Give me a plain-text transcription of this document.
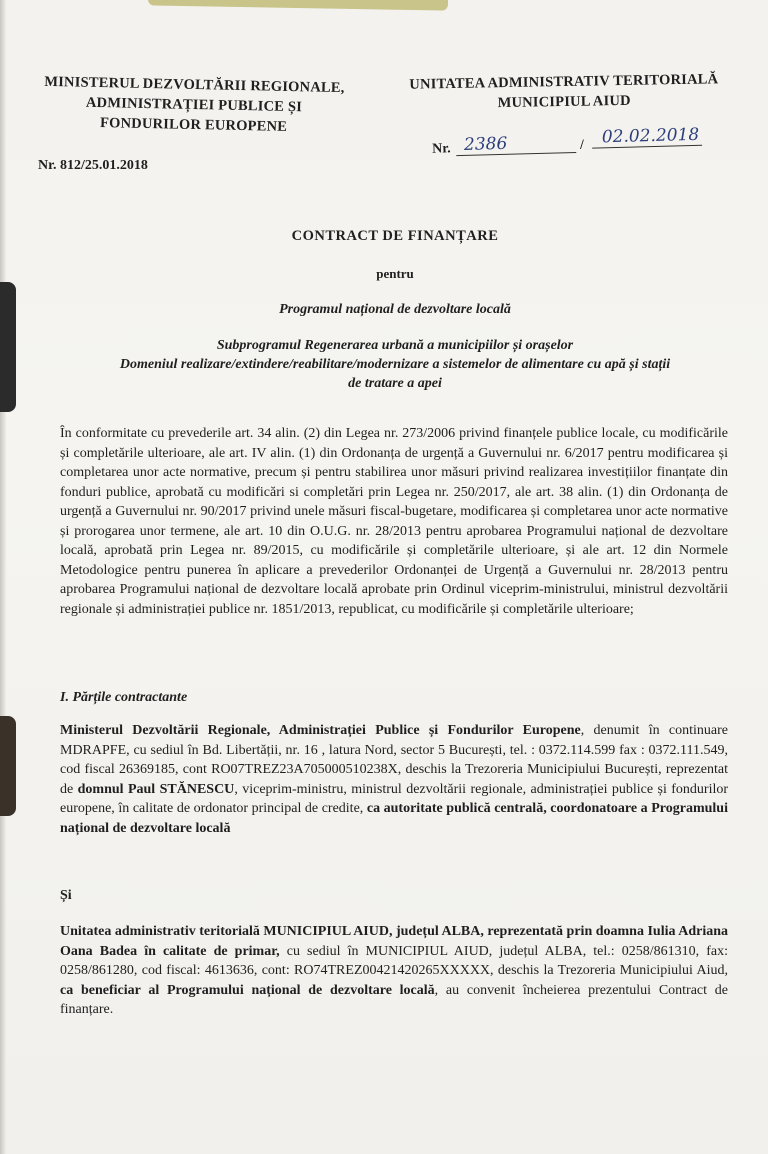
MINISTERUL DEZVOLTĂRII REGIONALE,
ADMINISTRAȚIEI PUBLICE ȘI
FONDURILOR EUROPENE
Nr. 812/25.01.2018
UNITATEA ADMINISTRATIV TERITORIALĂ
MUNICIPIUL AIUD
Nr. 2386	/ 02.02.2018
CONTRACT DE FINANȚARE
pentru
Programul național de dezvoltare locală
Subprogramul Regenerarea urbană a municipiilor și orașelor
Domeniul realizare/extindere/reabilitare/modernizare a sistemelor de alimentare cu apă și stații
de tratare a apei
În conformitate cu prevederile art. 34 alin. (2) din Legea nr. 273/2006 privind finanțele publice locale, cu modificările și completările ulterioare, ale art. IV alin. (1) din Ordonanța de urgență a Guvernului nr. 6/2017 pentru modificarea și completarea unor acte normative, precum și pentru stabilirea unor măsuri privind realizarea investițiilor finanțate din fonduri publice, aprobată cu modificări si completări prin Legea nr. 250/2017, ale art. 38 alin. (1) din Ordonanța de urgență a Guvernului nr. 90/2017 privind unele măsuri fiscal-bugetare, modificarea și completarea unor acte normative și prorogarea unor termene, ale art. 10 din O.U.G. nr. 28/2013 pentru aprobarea Programului național de dezvoltare locală, aprobată prin Legea nr. 89/2015, cu modificările și completările ulterioare, și ale art. 12 din Normele Metodologice pentru punerea în aplicare a prevederilor Ordonanței de Urgență a Guvernului nr. 28/2013 pentru aprobarea Programului național de dezvoltare locală aprobate prin Ordinul viceprim-ministrului, ministrul dezvoltării regionale și administrației publice nr. 1851/2013, republicat, cu modificările și completările ulterioare;
I. Părțile contractante
Ministerul Dezvoltării Regionale, Administrației Publice și Fondurilor Europene, denumit în continuare MDRAPFE, cu sediul în Bd. Libertății, nr. 16 , latura Nord, sector 5 București, tel. : 0372.114.599 fax : 0372.111.549, cod fiscal 26369185, cont RO07TREZ23A705000510238X, deschis la Trezoreria Municipiului București, reprezentat de domnul Paul STĂNESCU, viceprim-ministru, ministrul dezvoltării regionale, administrației publice și fondurilor europene, în calitate de ordonator principal de credite, ca autoritate publică centrală, coordonatoare a Programului național de dezvoltare locală
Și
Unitatea administrativ teritorială MUNICIPIUL AIUD, județul ALBA, reprezentată prin doamna Iulia Adriana Oana Badea în calitate de primar, cu sediul în MUNICIPIUL AIUD, județul ALBA, tel.: 0258/861310, fax: 0258/861280, cod fiscal: 4613636, cont: RO74TREZ00421420265XXXXX, deschis la Trezoreria Municipiului Aiud, ca beneficiar al Programului național de dezvoltare locală, au convenit încheierea prezentului Contract de finanțare.
